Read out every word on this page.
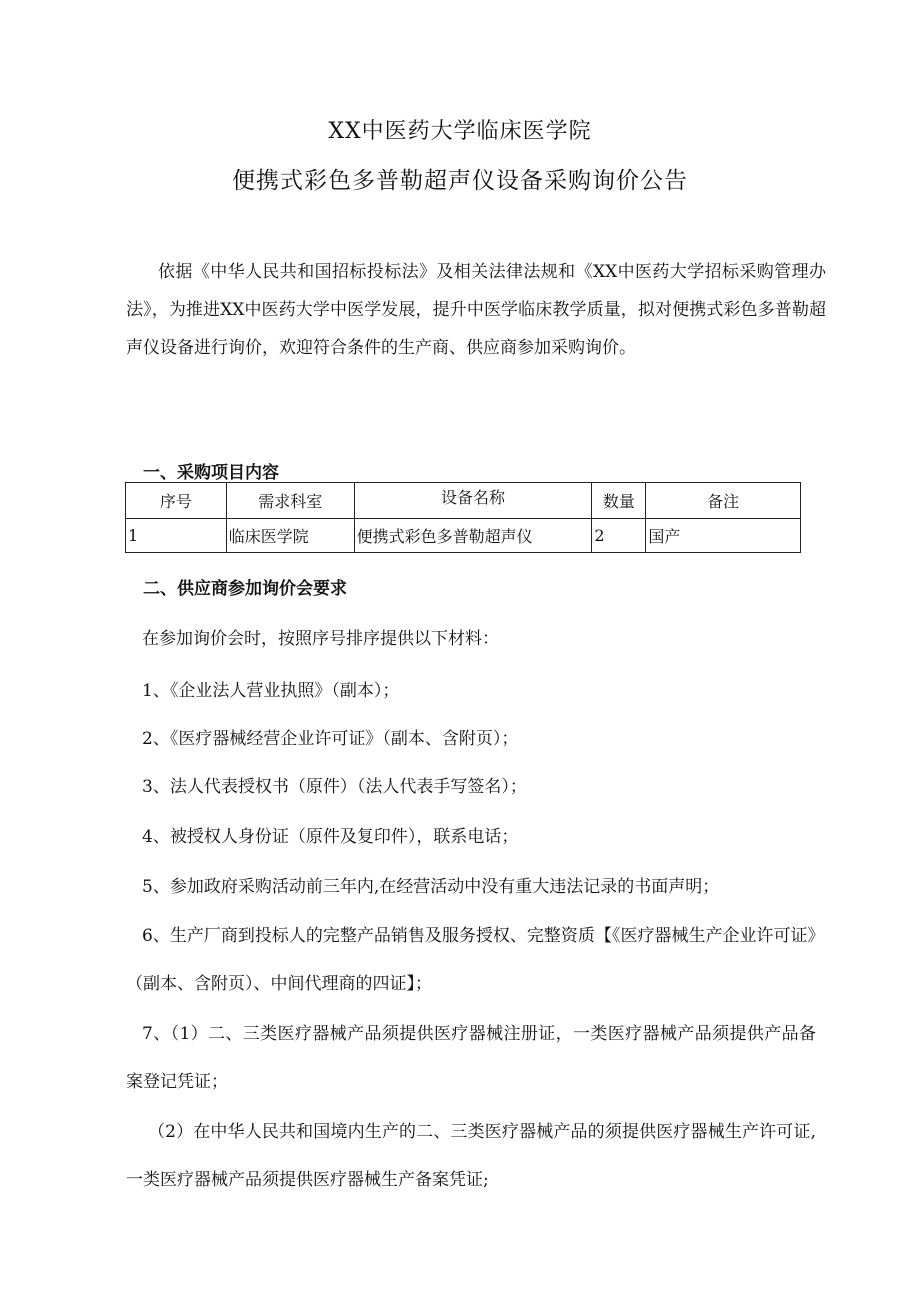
XX中医药大学临床医学院
便携式彩色多普勒超声仪设备采购询价公告

依据《中华人民共和国招标投标法》及相关法律法规和《XX中医药大学招标采购管理办法》，为推进XX中医药大学中医学发展，提升中医学临床教学质量，拟对便携式彩色多普勒超声仪设备进行询价，欢迎符合条件的生产商、供应商参加采购询价。

一、采购项目内容
序号	需求科室	设备名称	数量	备注
1	临床医学院	便携式彩色多普勒超声仪	2	国产
二、供应商参加询价会要求
在参加询价会时，按照序号排序提供以下材料：
1、《企业法人营业执照》（副本）；
2、《医疗器械经营企业许可证》（副本、含附页）；
3、法人代表授权书（原件）（法人代表手写签名）；
4、被授权人身份证（原件及复印件），联系电话；
5、参加政府采购活动前三年内,在经营活动中没有重大违法记录的书面声明；

6、生产厂商到投标人的完整产品销售及服务授权、完整资质【《医疗器械生产企业许可证》（副本、含附页）、中间代理商的四证】；

7、（1）二、三类医疗器械产品须提供医疗器械注册证，一类医疗器械产品须提供产品备案登记凭证；

（2）在中华人民共和国境内生产的二、三类医疗器械产品的须提供医疗器械生产许可证,一类医疗器械产品须提供医疗器械生产备案凭证;
